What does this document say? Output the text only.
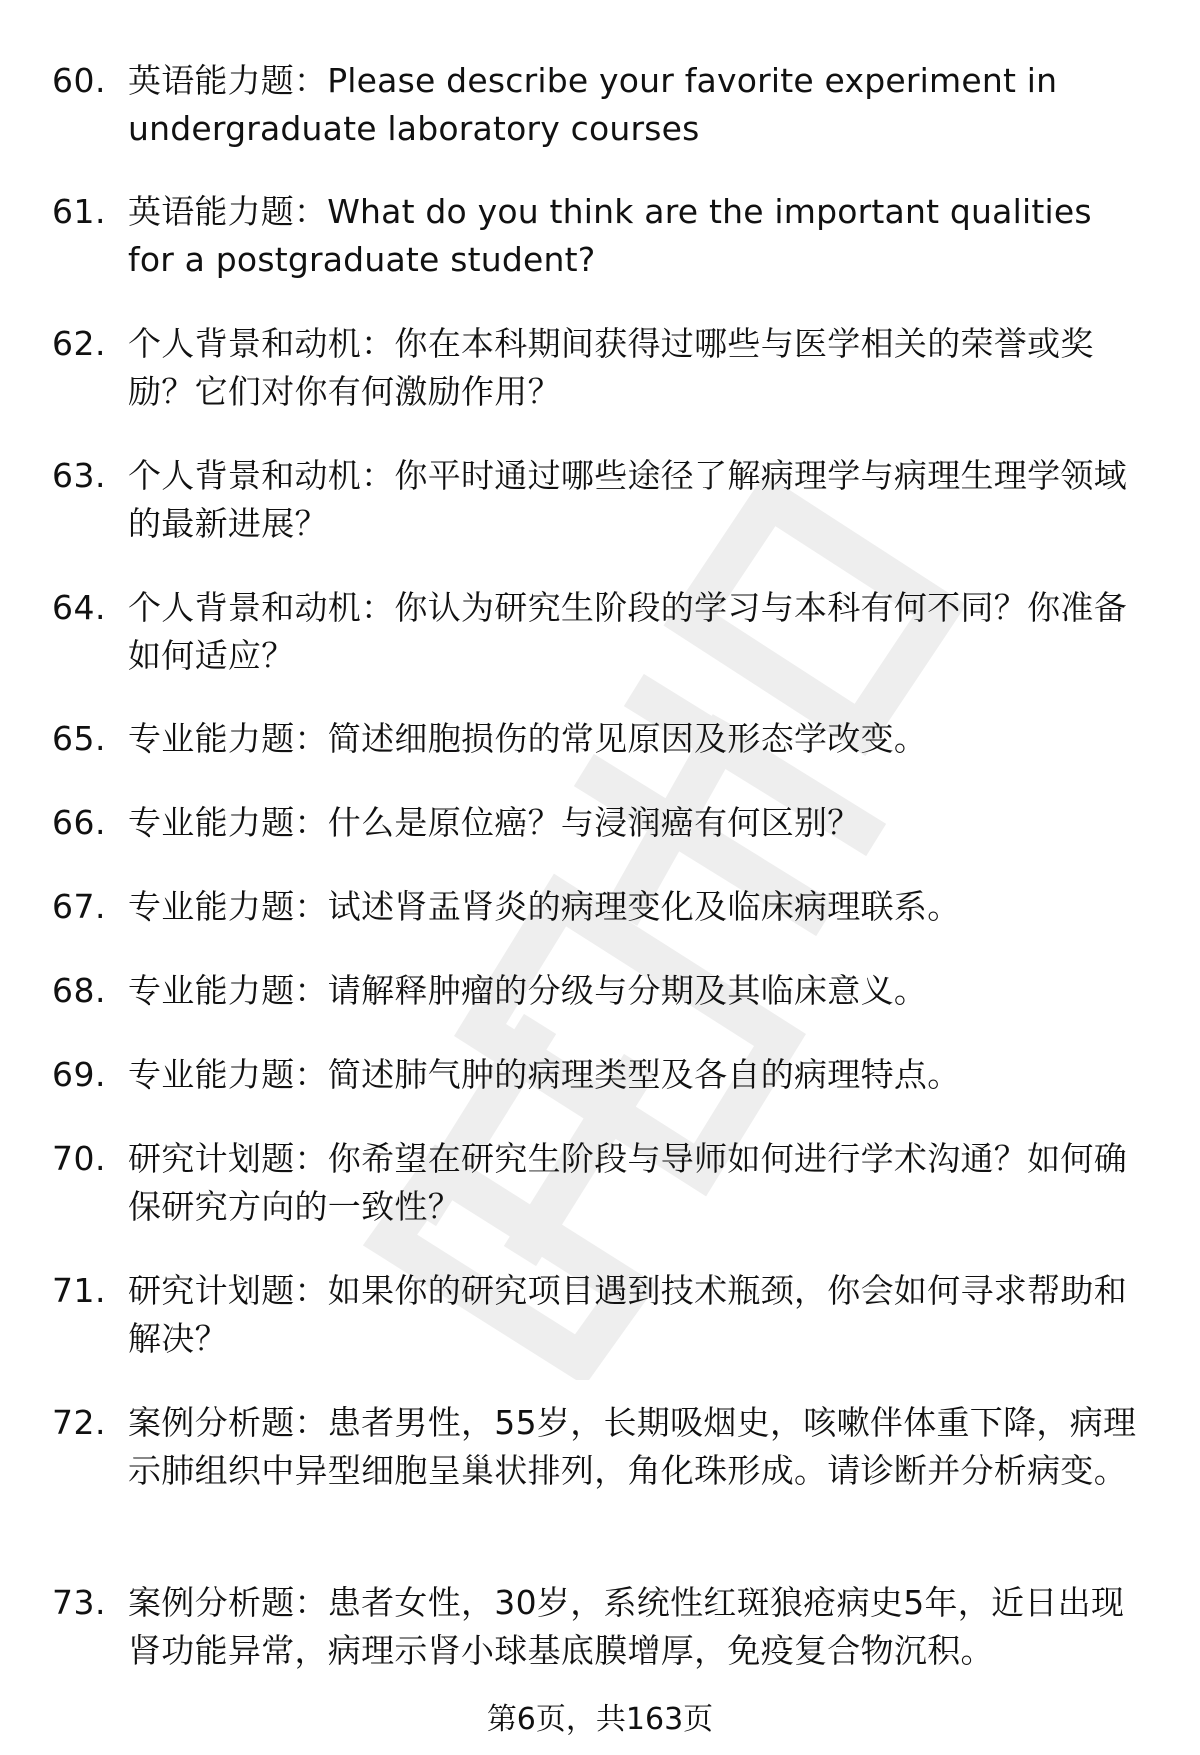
60. 英语能力题：Please describe your favorite experiment in undergraduate laboratory courses
61. 英语能力题：What do you think are the important qualities for a postgraduate student?
62. 个人背景和动机：你在本科期间获得过哪些与医学相关的荣誉或奖励？它们对你有何激励作用？
63. 个人背景和动机：你平时通过哪些途径了解病理学与病理生理学领域的最新进展？
64. 个人背景和动机：你认为研究生阶段的学习与本科有何不同？你准备如何适应？
65. 专业能力题：简述细胞损伤的常见原因及形态学改变。
66. 专业能力题：什么是原位癌？与浸润癌有何区别？
67. 专业能力题：试述肾盂肾炎的病理变化及临床病理联系。
68. 专业能力题：请解释肿瘤的分级与分期及其临床意义。
69. 专业能力题：简述肺气肿的病理类型及各自的病理特点。
70. 研究计划题：你希望在研究生阶段与导师如何进行学术沟通？如何确保研究方向的一致性？
71. 研究计划题：如果你的研究项目遇到技术瓶颈，你会如何寻求帮助和解决？
72. 案例分析题：患者男性，55岁，长期吸烟史，咳嗽伴体重下降，病理示肺组织中异型细胞呈巢状排列，角化珠形成。请诊断并分析病变。
73. 案例分析题：患者女性，30岁，系统性红斑狼疮病史5年，近日出现肾功能异常，病理示肾小球基底膜增厚，免疫复合物沉积。
第6页，共163页
